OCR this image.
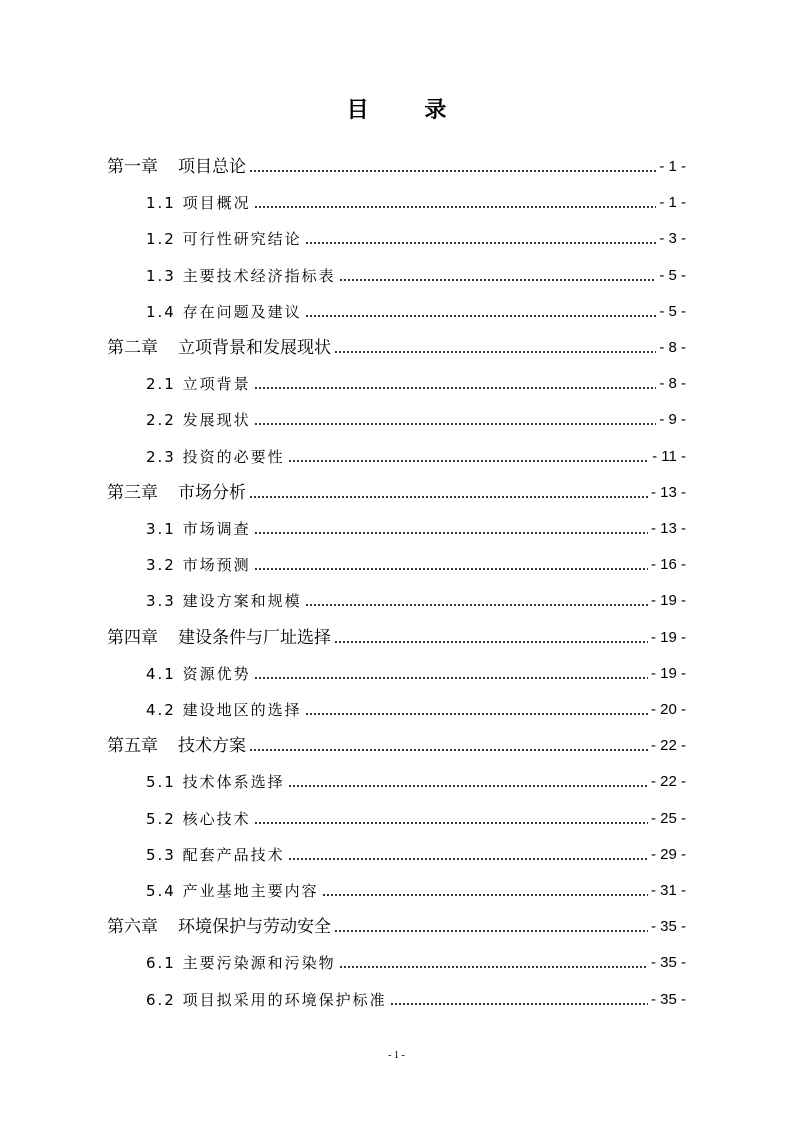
目 录
第一章 项目总论	- 1 -
1.1 项目概况	- 1 -
1.2 可行性研究结论	- 3 -
1.3 主要技术经济指标表	- 5 -
1.4 存在问题及建议	- 5 -
第二章 立项背景和发展现状	- 8 -
2.1 立项背景	- 8 -
2.2 发展现状	- 9 -
2.3 投资的必要性	- 11 -
第三章 市场分析	- 13 -
3.1 市场调查	- 13 -
3.2 市场预测	- 16 -
3.3 建设方案和规模	- 19 -
第四章 建设条件与厂址选择	- 19 -
4.1 资源优势	- 19 -
4.2 建设地区的选择	- 20 -
第五章 技术方案	- 22 -
5.1 技术体系选择	- 22 -
5.2 核心技术	- 25 -
5.3 配套产品技术	- 29 -
5.4 产业基地主要内容	- 31 -
第六章 环境保护与劳动安全	- 35 -
6.1 主要污染源和污染物	- 35 -
6.2 项目拟采用的环境保护标准	- 35 -
- 1 -
